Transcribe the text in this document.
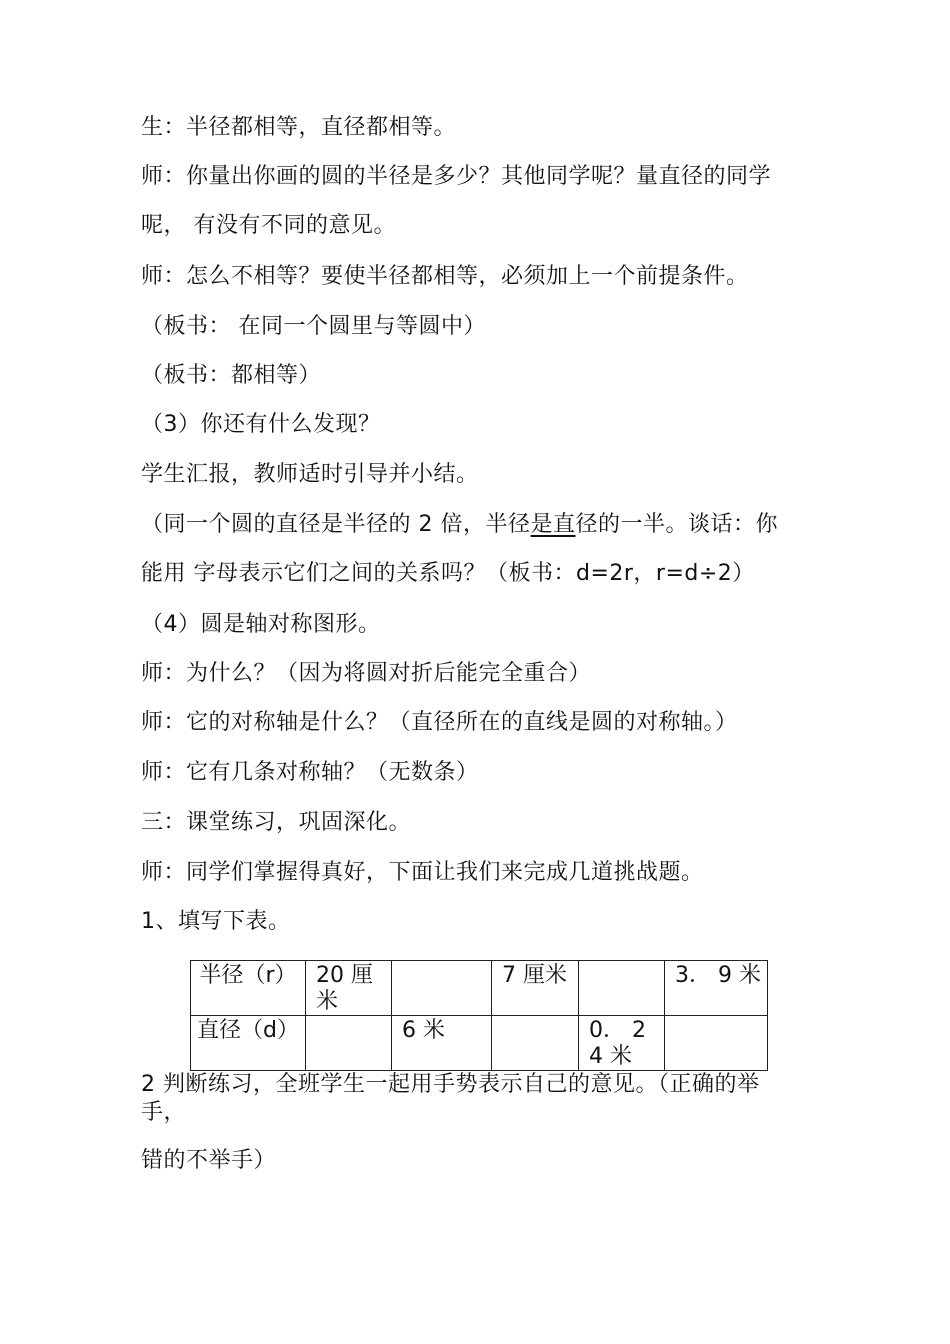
生：半径都相等，直径都相等。
师：你量出你画的圆的半径是多少？其他同学呢？量直径的同学
呢， 有没有不同的意见。
师：怎么不相等？要使半径都相等，必须加上一个前提条件。
（板书： 在同一个圆里与等圆中）
（板书：都相等）
（3）你还有什么发现？
学生汇报，教师适时引导并小结。
（同一个圆的直径是半径的 2 倍，半径是直径的一半。谈话：你
能用 字母表示它们之间的关系吗？（板书：d=2r，r=d÷2）
（4）圆是轴对称图形。
师：为什么？（因为将圆对折后能完全重合）
师：它的对称轴是什么？（直径所在的直线是圆的对称轴。）
师：它有几条对称轴？（无数条）
三：课堂练习，巩固深化。
师：同学们掌握得真好，下面让我们来完成几道挑战题。
1、填写下表。
半径（r）	20 厘米		7 厘米		3． 9 米
直径（d）		6 米		0． 24 米	
2 判断练习，全班学生一起用手势表示自己的意见。（正确的举
手，
错的不举手）
